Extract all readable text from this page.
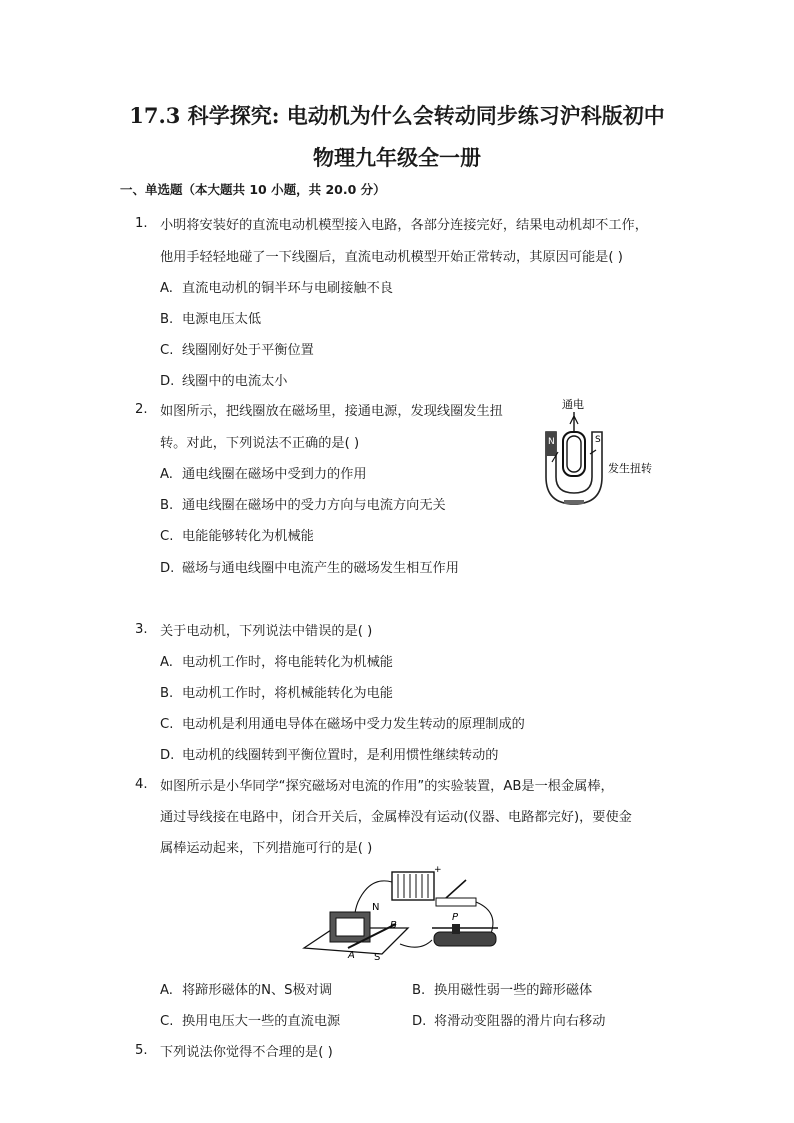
17.3 科学探究: 电动机为什么会转动同步练习沪科版初中
物理九年级全一册
一、单选题（本大题共 10 小题，共 20.0 分）
1. 小明将安装好的直流电动机模型接入电路，各部分连接完好，结果电动机却不工作，
他用手轻轻地碰了一下线圈后，直流电动机模型开始正常转动，其原因可能是( )
A. 直流电动机的铜半环与电刷接触不良
B. 电源电压太低
C. 线圈刚好处于平衡位置
D. 线圈中的电流太小
2. 如图所示，把线圈放在磁场里，接通电源，发现线圈发生扭
转。对此，下列说法不正确的是( )
A. 通电线圈在磁场中受到力的作用
B. 通电线圈在磁场中的受力方向与电流方向无关
C. 电能能够转化为机械能
D. 磁场与通电线圈中电流产生的磁场发生相互作用
通电
N	S
发生扭转
3. 关于电动机，下列说法中错误的是( )
A. 电动机工作时，将电能转化为机械能
B. 电动机工作时，将机械能转化为电能
C. 电动机是利用通电导体在磁场中受力发生转动的原理制成的
D. 电动机的线圈转到平衡位置时，是利用惯性继续转动的
4. 如图所示是小华同学“探究磁场对电流的作用”的实验装置，AB是一根金属棒，
通过导线接在电路中，闭合开关后，金属棒没有运动(仪器、电路都完好)，要使金
属棒运动起来，下列措施可行的是( )
+
N
S
A
B
P
A. 将蹄形磁体的N、S极对调	B. 换用磁性弱一些的蹄形磁体
C. 换用电压大一些的直流电源	D. 将滑动变阻器的滑片向右移动
5. 下列说法你觉得不合理的是( )
